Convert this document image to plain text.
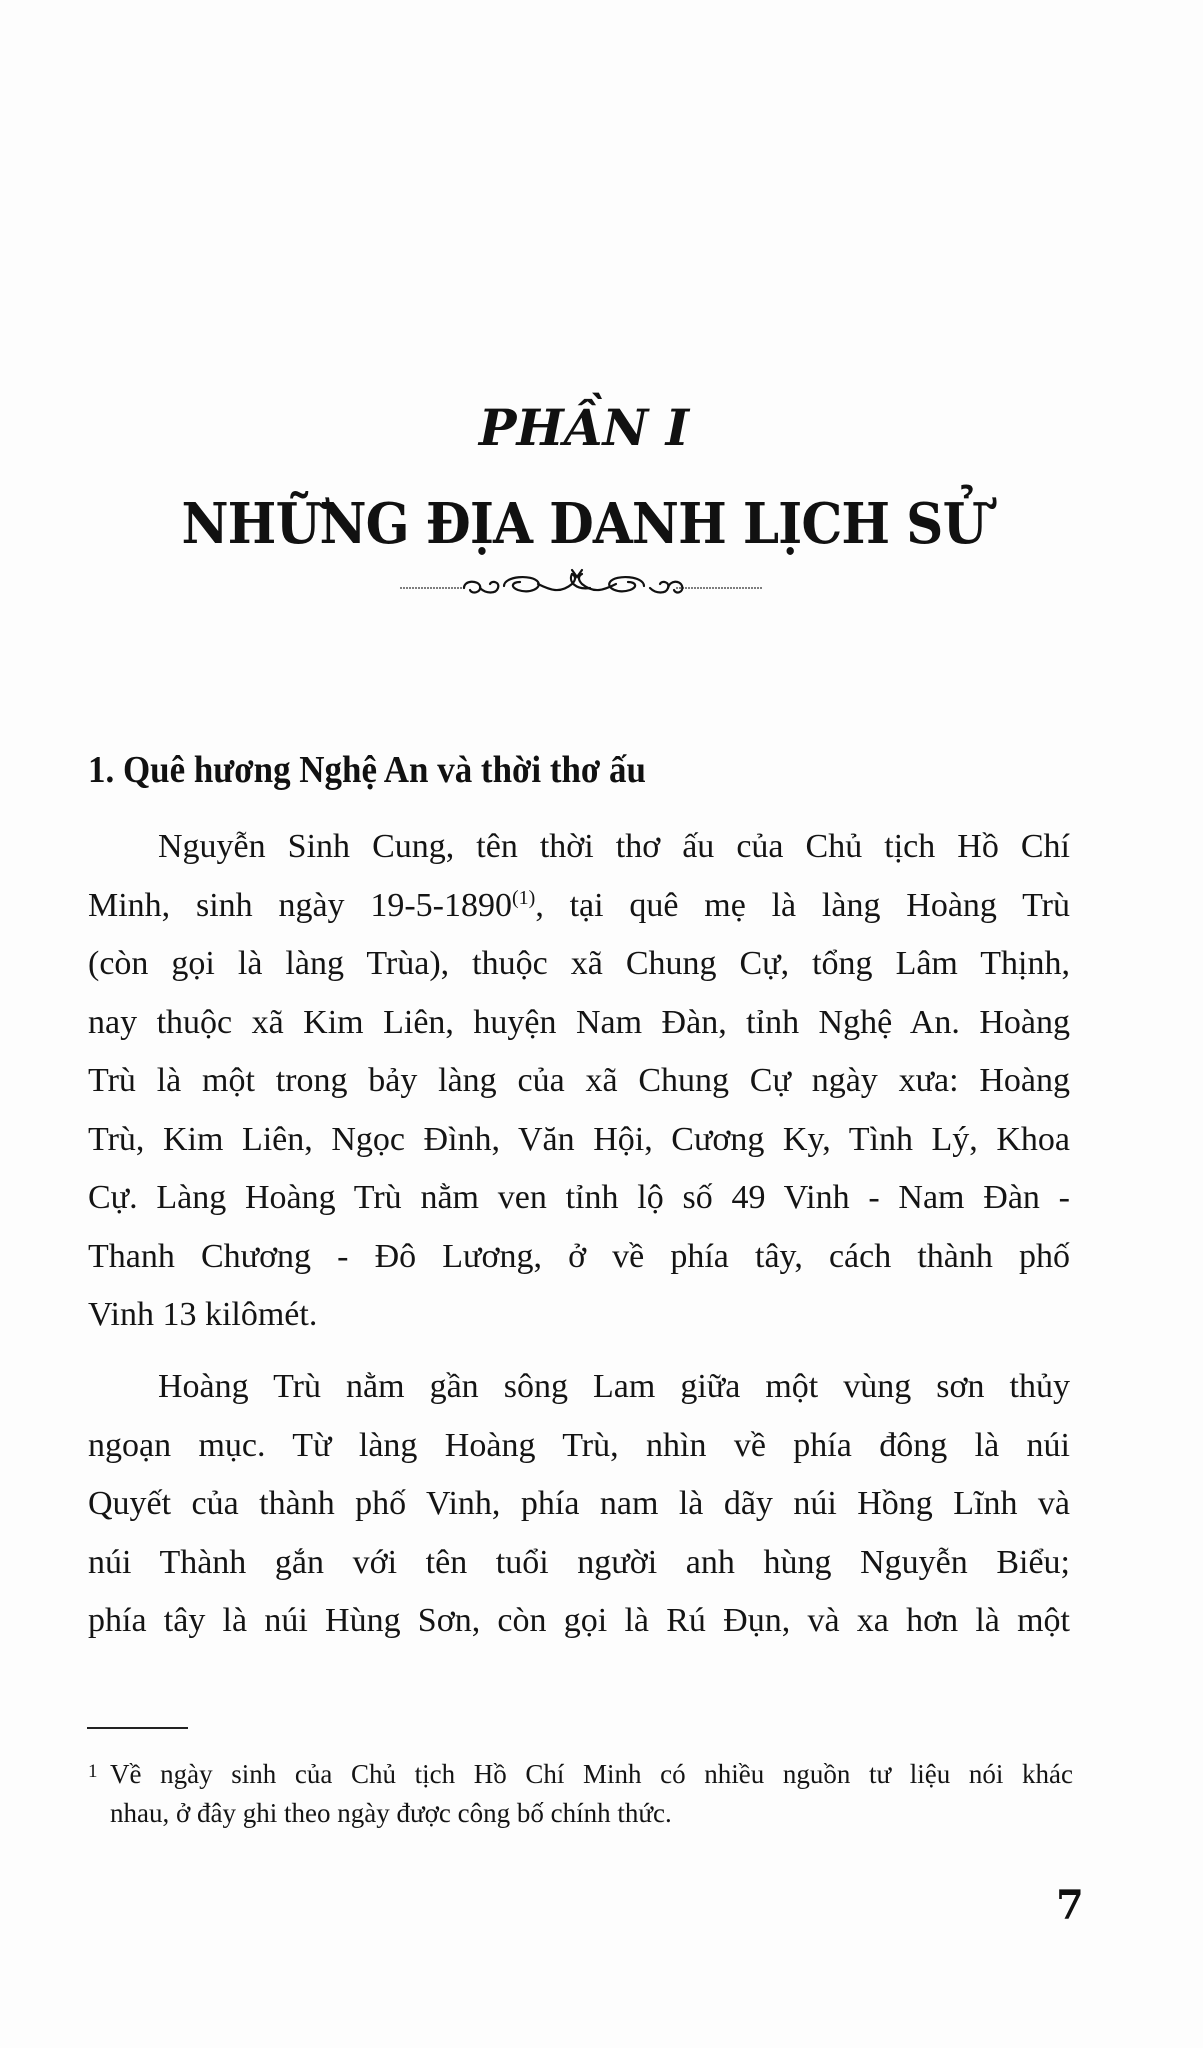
PHẦN I
NHỮNG ĐỊA DANH LỊCH SỬ
1. Quê hương Nghệ An và thời thơ ấu
Nguyễn Sinh Cung, tên thời thơ ấu của Chủ tịch Hồ Chí
Minh, sinh ngày 19-5-1890$^{(1)}$, tại quê mẹ là làng Hoàng Trù
(còn gọi là làng Trùa), thuộc xã Chung Cự, tổng Lâm Thịnh,
nay thuộc xã Kim Liên, huyện Nam Đàn, tỉnh Nghệ An. Hoàng
Trù là một trong bảy làng của xã Chung Cự ngày xưa: Hoàng
Trù, Kim Liên, Ngọc Đình, Văn Hội, Cương Ky, Tình Lý, Khoa
Cự. Làng Hoàng Trù nằm ven tỉnh lộ số 49 Vinh - Nam Đàn -
Thanh Chương - Đô Lương, ở về phía tây, cách thành phố
Vinh 13 kilômét.
Hoàng Trù nằm gần sông Lam giữa một vùng sơn thủy
ngoạn mục. Từ làng Hoàng Trù, nhìn về phía đông là núi
Quyết của thành phố Vinh, phía nam là dãy núi Hồng Lĩnh và
núi Thành gắn với tên tuổi người anh hùng Nguyễn Biểu;
phía tây là núi Hùng Sơn, còn gọi là Rú Đụn, và xa hơn là một
1 Về ngày sinh của Chủ tịch Hồ Chí Minh có nhiều nguồn tư liệu nói khác
nhau, ở đây ghi theo ngày được công bố chính thức.
7
